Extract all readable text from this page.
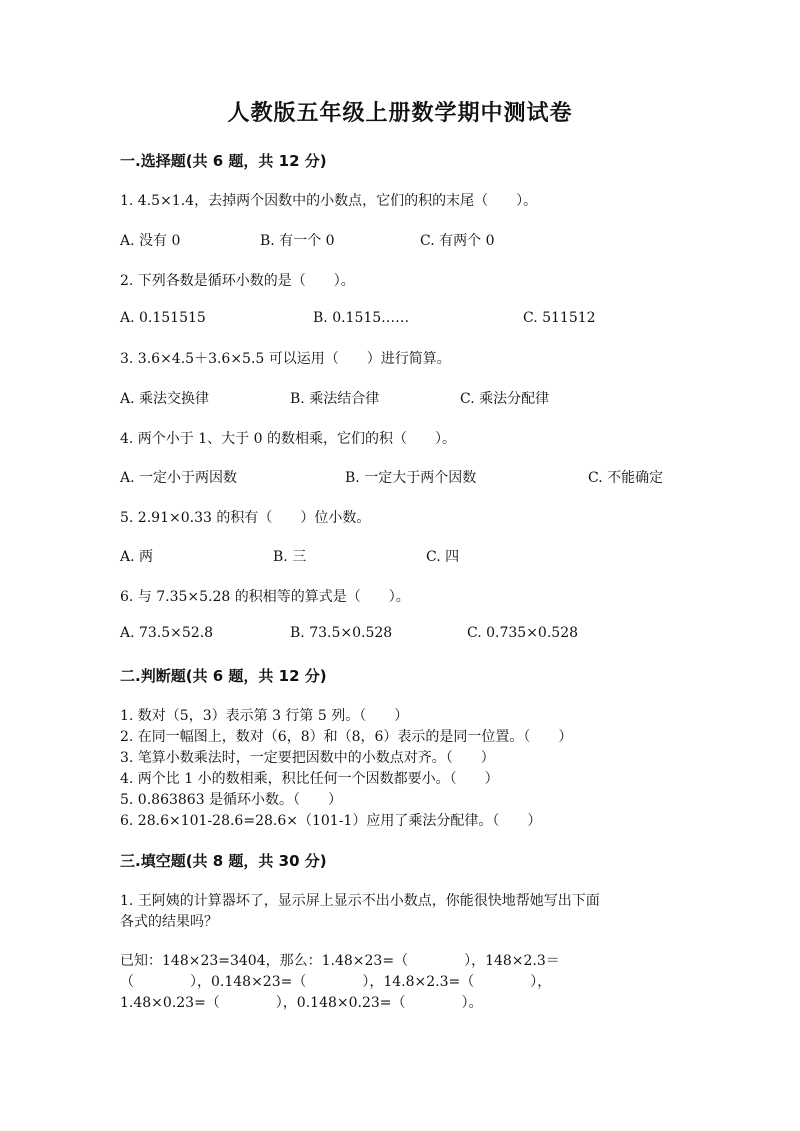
人教版五年级上册数学期中测试卷
一.选择题(共 6 题，共 12 分)
1. 4.5×1.4，去掉两个因数中的小数点，它们的积的末尾（　　）。
A. 没有 0	B. 有一个 0	C. 有两个 0
2. 下列各数是循环小数的是（　　）。
A. 0.151515	B. 0.1515……	C. 511512
3. 3.6×4.5＋3.6×5.5 可以运用（　　）进行简算。
A. 乘法交换律	B. 乘法结合律	C. 乘法分配律
4. 两个小于 1、大于 0 的数相乘，它们的积（　　）。
A. 一定小于两因数	B. 一定大于两个因数	C. 不能确定
5. 2.91×0.33 的积有（　　）位小数。
A. 两	B. 三	C. 四
6. 与 7.35×5.28 的积相等的算式是（　　）。
A. 73.5×52.8	B. 73.5×0.528	C. 0.735×0.528
二.判断题(共 6 题，共 12 分)
1. 数对（5，3）表示第 3 行第 5 列。（　　）
2. 在同一幅图上，数对（6，8）和（8，6）表示的是同一位置。（　　）
3. 笔算小数乘法时，一定要把因数中的小数点对齐。（　　）
4. 两个比 1 小的数相乘，积比任何一个因数都要小。（　　）
5. 0.863863 是循环小数。（　　）
6. 28.6×101-28.6=28.6×（101-1）应用了乘法分配律。（　　）
三.填空题(共 8 题，共 30 分)
1. 王阿姨的计算器坏了，显示屏上显示不出小数点，你能很快地帮她写出下面
各式的结果吗？
已知：148×23=3404，那么：1.48×23=（　　　　），148×2.3＝
（　　　　），0.148×23=（　　　　），14.8×2.3=（　　　　），
1.48×0.23=（　　　　），0.148×0.23=（　　　　）。
